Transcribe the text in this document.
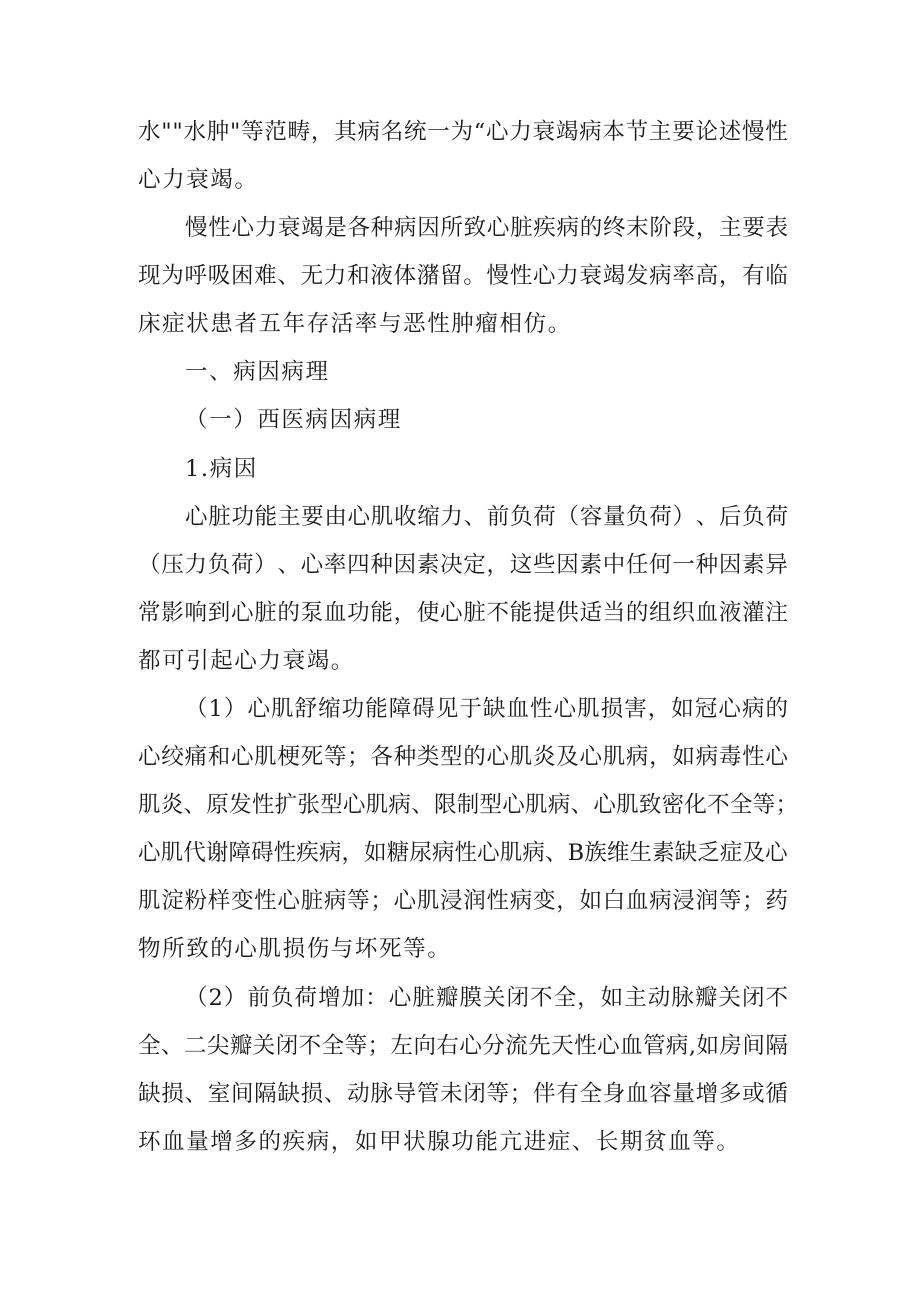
水 " " 水 肿 " 等 范 畴 ， 其 病 名 统 一 为 “ 心 力 衰 竭 病 本 节 主 要 论 述 慢 性
心力衰竭。
慢 性 心 力 衰 竭 是 各 种 病 因 所 致 心 脏 疾 病 的 终 末 阶 段 ， 主 要 表
现 为 呼 吸 困 难 、 无 力 和 液 体 潴 留 。 慢 性 心 力 衰 竭 发 病 率 高 ， 有 临
床症状患者五年存活率与恶性肿瘤相仿。
一、病因病理
（一）西医病因病理
1.病因
心 脏 功 能 主 要 由 心 肌 收 缩 力 、 前 负 荷 （ 容 量 负 荷 ） 、 后 负 荷
（ 压 力 负 荷 ） 、 心 率 四 种 因 素 决 定 ， 这 些 因 素 中 任 何 一 种 因 素 异
常 影 响 到 心 脏 的 泵 血 功 能 ， 使 心 脏 不 能 提 供 适 当 的 组 织 血 液 灌 注
都可引起心力衰竭。
（ 1 ） 心 肌 舒 缩 功 能 障 碍 见 于 缺 血 性 心 肌 损 害 ， 如 冠 心 病 的
心 绞 痛 和 心 肌 梗 死 等 ； 各 种 类 型 的 心 肌 炎 及 心 肌 病 ， 如 病 毒 性 心
肌 炎 、 原 发 性 扩 张 型 心 肌 病 、 限 制 型 心 肌 病 、 心 肌 致 密 化 不 全 等 ；
心 肌 代 谢 障 碍 性 疾 病 ， 如 糖 尿 病 性 心 肌 病 、 B 族 维 生 素 缺 乏 症 及 心
肌 淀 粉 样 变 性 心 脏 病 等 ； 心 肌 浸 润 性 病 变 ， 如 白 血 病 浸 润 等 ； 药
物所致的心肌损伤与坏死等。
（ 2 ） 前 负 荷 增 加 ： 心 脏 瓣 膜 关 闭 不 全 ， 如 主 动 脉 瓣 关 闭 不
全 、 二 尖 瓣 关 闭 不 全 等 ； 左 向 右 心 分 流 先 天 性 心 血 管 病 , 如 房 间 隔
缺 损 、 室 间 隔 缺 损 、 动 脉 导 管 未 闭 等 ； 伴 有 全 身 血 容 量 增 多 或 循
环血量增多的疾病，如甲状腺功能亢进症、长期贫血等。
